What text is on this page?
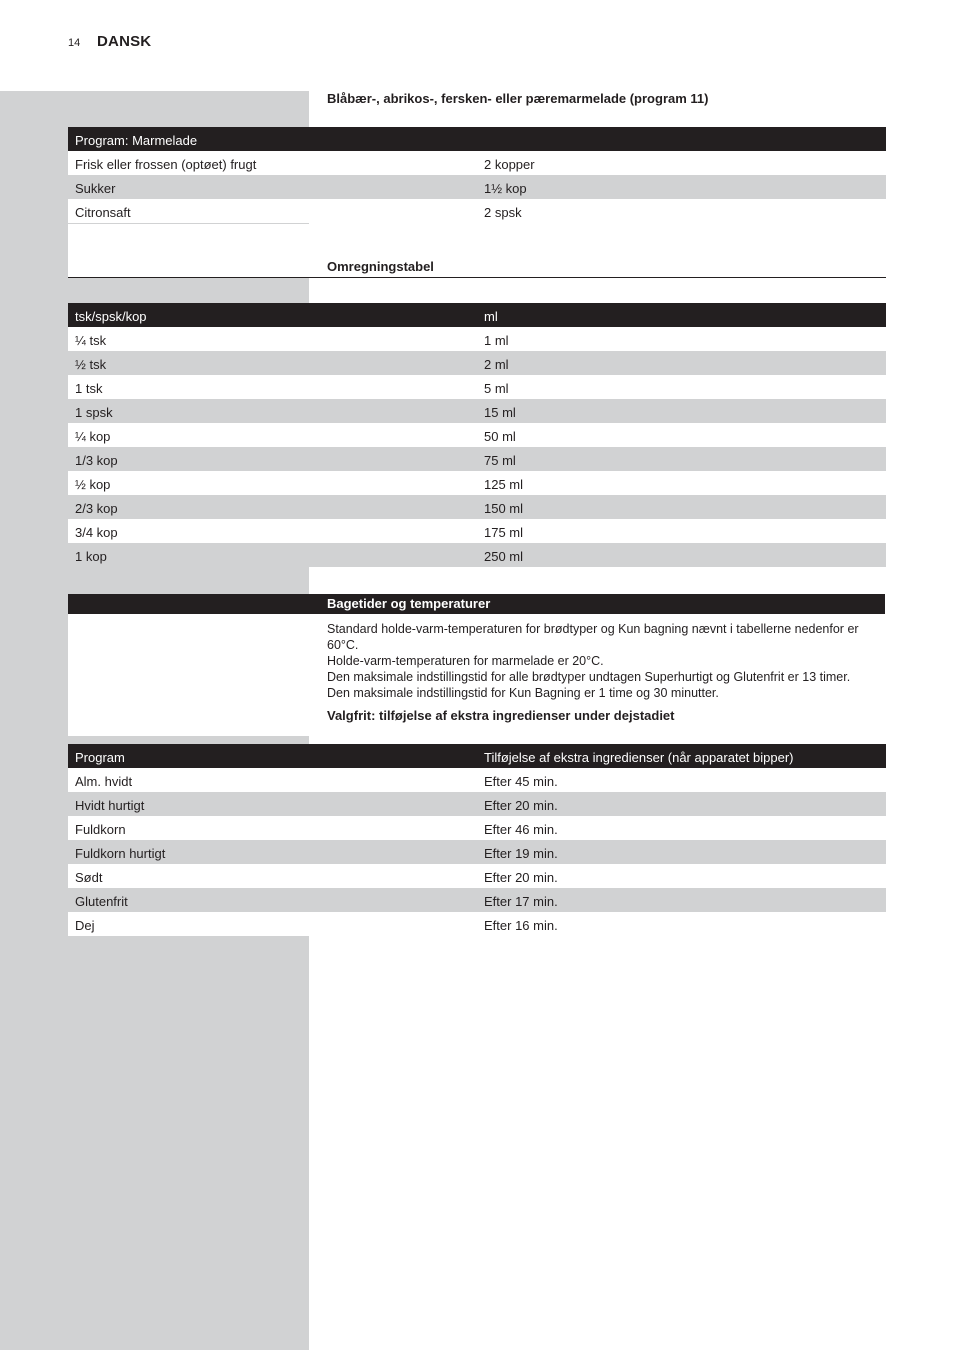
14 DANSK
Blåbær-, abrikos-, fersken- eller pæremarmelade (program 11)
Program: Marmelade
Frisk eller frossen (optøet) frugt	2 kopper
Sukker	1½ kop
Citronsaft	2 spsk
Omregningstabel
tsk/spsk/kop	ml
¼ tsk	1 ml
½ tsk	2 ml
1 tsk	5 ml
1 spsk	15 ml
¼ kop	50 ml
1/3 kop	75 ml
½ kop	125 ml
2/3 kop	150 ml
3/4 kop	175 ml
1 kop	250 ml
Bagetider og temperaturer

Standard holde-varm-temperaturen for brødtyper og Kun bagning nævnt i tabellerne nedenfor er 60°C.

Holde-varm-temperaturen for marmelade er 20°C.

Den maksimale indstillingstid for alle brødtyper undtagen Superhurtigt og Glutenfrit er 13 timer.

Den maksimale indstillingstid for Kun Bagning er 1 time og 30 minutter.

Valgfrit: tilføjelse af ekstra ingredienser under dejstadiet
Program	Tilføjelse af ekstra ingredienser (når apparatet bipper)
Alm. hvidt	Efter 45 min.
Hvidt hurtigt	Efter 20 min.
Fuldkorn	Efter 46 min.
Fuldkorn hurtigt	Efter 19 min.
Sødt	Efter 20 min.
Glutenfrit	Efter 17 min.
Dej	Efter 16 min.
